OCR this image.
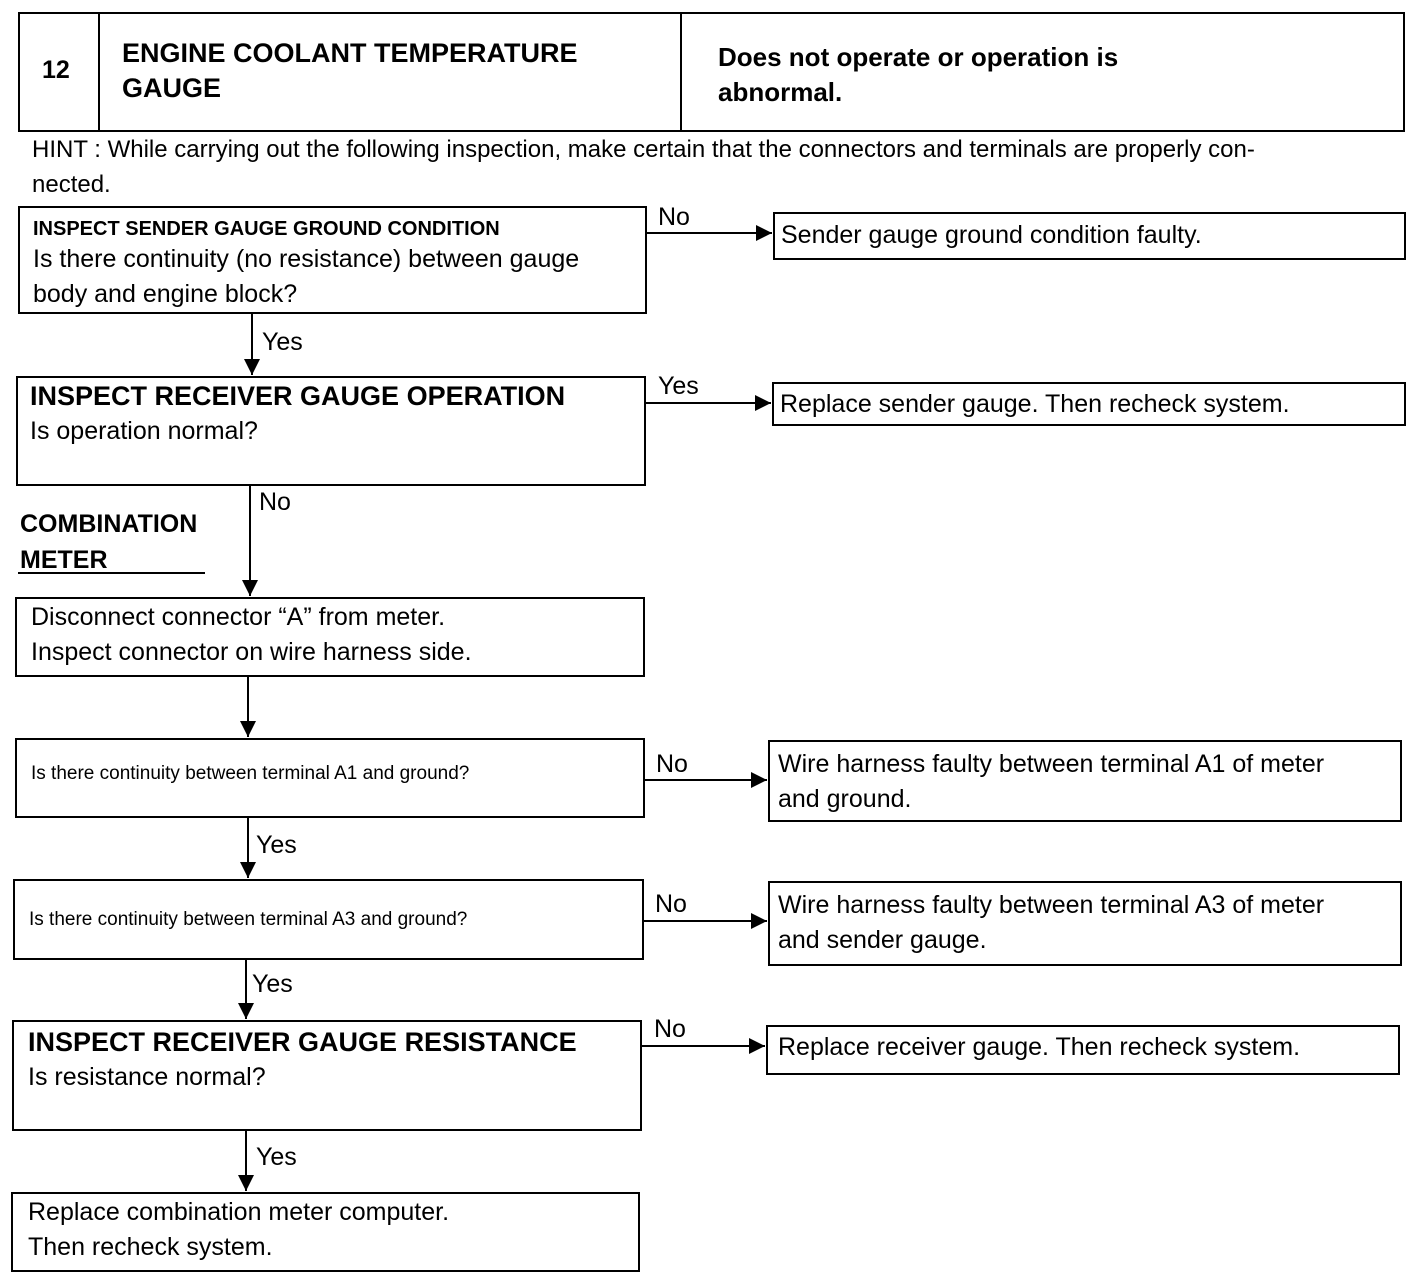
12
ENGINE COOLANT TEMPERATURE
GAUGE
Does not operate or operation is
abnormal.
HINT : While carrying out the following inspection, make certain that the connectors and terminals are properly con-
nected.
COMBINATION
METER
INSPECT SENDER GAUGE GROUND CONDITION
Is there continuity (no resistance) between gauge
body and engine block?
Sender gauge ground condition faulty.
INSPECT RECEIVER GAUGE OPERATION
Is operation normal?
Replace sender gauge. Then recheck system.
Disconnect connector “A” from meter.
Inspect connector on wire harness side.
Is there continuity between terminal A1 and ground?	Wire harness faulty between terminal A1 of meter
and ground.
Is there continuity between terminal A3 and ground?
Wire harness faulty between terminal A3 of meter
and sender gauge.
INSPECT RECEIVER GAUGE RESISTANCE
Is resistance normal?
Replace receiver gauge. Then recheck system.
Replace combination meter computer.
Then recheck system.
No
Yes
Yes
No
No
Yes
No
Yes
No
Yes
